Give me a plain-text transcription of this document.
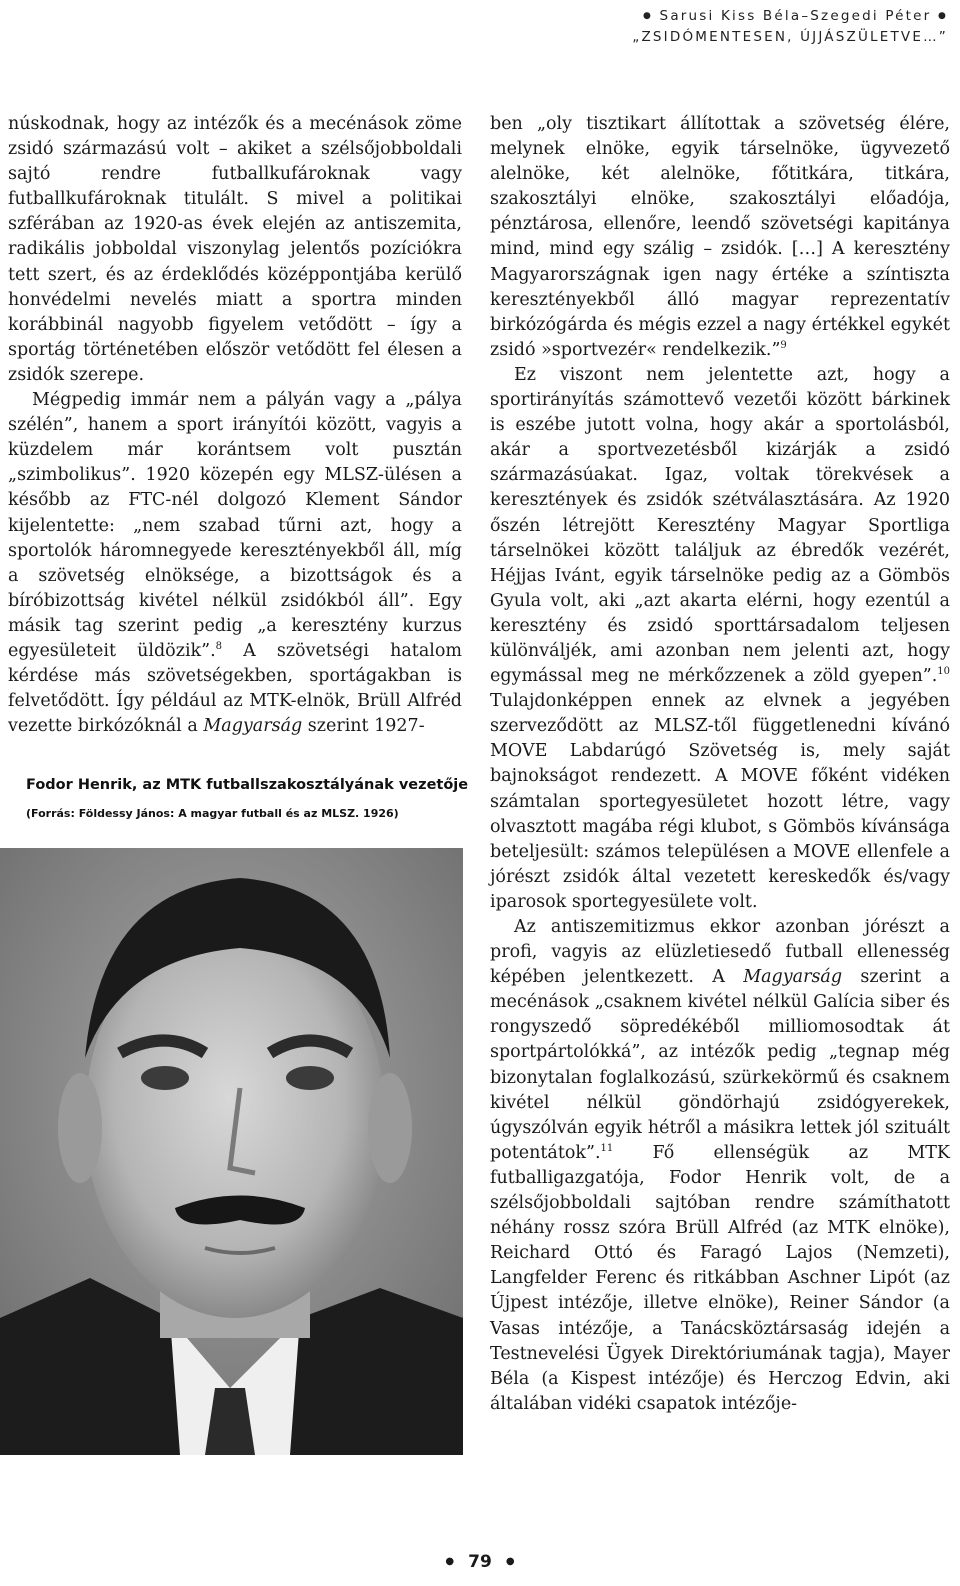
● Sarusi Kiss Béla–Szegedi Péter ●
„ZSIDÓMENTESEN, ÚJJÁSZÜLETVE…”

núskodnak, hogy az intézők és a mecénások zöme zsidó származású volt – akiket a szélsőjobboldali sajtó rendre futballkufároknak vagy futballkufároknak titulált. S mivel a politikai szférában az 1920-as évek elején az antiszemita, radikális jobboldal viszonylag jelentős pozíciókra tett szert, és az érdeklődés középpontjába kerülő honvédelmi nevelés miatt a sportra minden korábbinál nagyobb figyelem vetődött – így a sportág történetében először vetődött fel élesen a zsidók szerepe.

Mégpedig immár nem a pályán vagy a „pálya szélén”, hanem a sport irányítói között, vagyis a küzdelem már korántsem volt pusztán „szimbolikus”. 1920 közepén egy MLSZ-ülésen a később az FTC-nél dolgozó Klement Sándor kijelentette: „nem szabad tűrni azt, hogy a sportolók háromnegyede keresztényekből áll, míg a szövetség elnöksége, a bizottságok és a bíróbizottság kivétel nélkül zsidókból áll”. Egy másik tag szerint pedig „a keresztény kurzus egyesületeit üldözik”.$^8$ A szövetségi hatalom kérdése más szövetségekben, sportágakban is felvetődött. Így például az MTK-elnök, Brüll Alfréd vezette birkózóknál a Magyarság szerint 1927-

Fodor Henrik, az MTK futballszakosztályának vezetője
(Forrás: Földessy János: A magyar futball és az MLSZ. 1926)

ben „oly tisztikart állítottak a szövetség élére, melynek elnöke, egyik társelnöke, ügyvezető alelnöke, két alelnöke, főtitkára, titkára, szakosztályi elnöke, szakosztályi előadója, pénztárosa, ellenőre, leendő szövetségi kapitánya mind, mind egy szálig – zsidók. […] A keresztény Magyarországnak igen nagy értéke a színtiszta keresztényekből álló magyar reprezentatív birkózógárda és mégis ezzel a nagy értékkel egykét zsidó »sportvezér« rendelkezik.”$^9$

Ez viszont nem jelentette azt, hogy a sportirányítás számottevő vezetői között bárkinek is eszébe jutott volna, hogy akár a sportolásból, akár a sportvezetésből kizárják a zsidó származásúakat. Igaz, voltak törekvések a keresztények és zsidók szétválasztására. Az 1920 őszén létrejött Keresztény Magyar Sportliga társelnökei között találjuk az ébredők vezérét, Héjjas Ivánt, egyik társelnöke pedig az a Gömbös Gyula volt, aki „azt akarta elérni, hogy ezentúl a keresztény és zsidó sporttársadalom teljesen különváljék, ami azonban nem jelenti azt, hogy egymással meg ne mérkőzzenek a zöld gyepen”.$^{10}$ Tulajdonképpen ennek az elvnek a jegyében szerveződött az MLSZ-től függetlenedni kívánó MOVE Labdarúgó Szövetség is, mely saját bajnokságot rendezett. A MOVE főként vidéken számtalan sportegyesületet hozott létre, vagy olvasztott magába régi klubot, s Gömbös kívánsága beteljesült: számos településen a MOVE ellenfele a jórészt zsidók által vezetett kereskedők és/vagy iparosok sportegyesülete volt.

Az antiszemitizmus ekkor azonban jórészt a profi, vagyis az elüzletiesedő futball ellenesség képében jelentkezett. A Magyarság szerint a mecénások „csaknem kivétel nélkül Galícia siber és rongyszedő söpredékéből milliomosodtak át sportpártolókká”, az intézők pedig „tegnap még bizonytalan foglalkozású, szürkekörmű és csaknem kivétel nélkül göndörhajú zsidógyerekek, úgyszólván egyik hétről a másikra lettek jól szituált potentátok”.$^{11}$ Fő ellenségük az MTK futballigazgatója, Fodor Henrik volt, de a szélsőjobboldali sajtóban rendre számíthatott néhány rossz szóra Brüll Alfréd (az MTK elnöke), Reichard Ottó és Faragó Lajos (Nemzeti), Langfelder Ferenc és ritkábban Aschner Lipót (az Újpest intézője, illetve elnöke), Reiner Sándor (a Vasas intézője, a Tanácsköztársaság idején a Testnevelési Ügyek Direktóriumának tagja), Mayer Béla (a Kispest intézője) és Herczog Edvin, aki általában vidéki csapatok intézője-

● 79 ●
